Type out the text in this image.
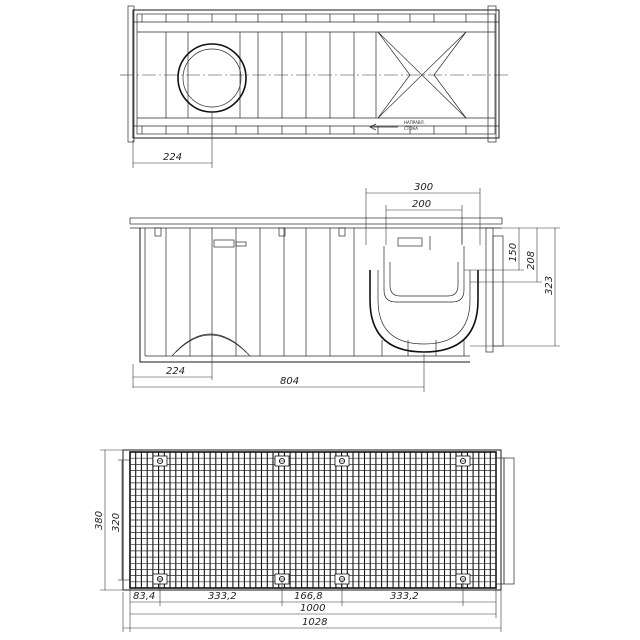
НАПРАВЛ.
СТОКА
224
300
200
150 208
323
224
804
380 320
83,4	333,2	166,8	333,2
1000
1028
